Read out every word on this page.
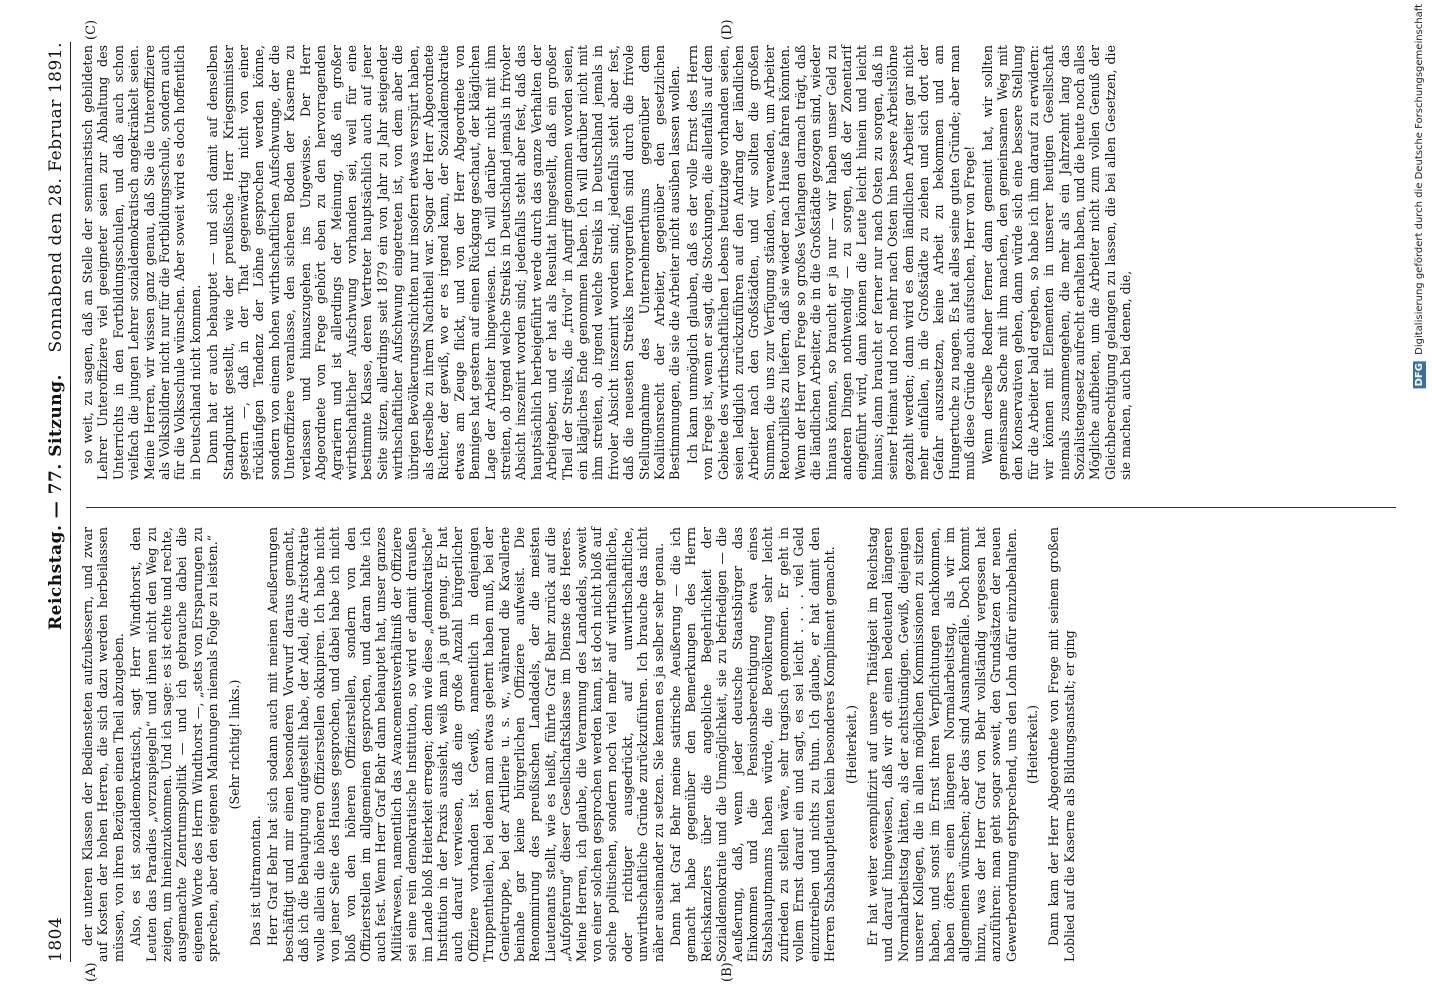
1804
Reichstag. — 77. Sitzung.
Sonnabend den 28. Februar 1891.
(A)	(B)
(C)	(D)

der unteren Klassen der Bediensteten aufzubessern, und zwar auf Kosten der hohen Herren, die sich dazu werden herbeilassen müssen, von ihren Bezügen einen Theil abzugeben. Also, es ist sozialdemokratisch, sagt Herr Windthorst, den Leuten das Paradies „vorzuspiegeln“ und ihnen nicht den Weg zu zeigen, um hineinzukommen. Und ich sage: es ist echte und rechte, ausgemachte Zentrumspolitik — und ich gebrauche dabei die eigenen Worte des Herrn Windthorst —, „stets von Ersparungen zu sprechen, aber den eigenen Mahnungen niemals Folge zu leisten.“ (Sehr richtig! links.)

Das ist ultramontan. Herr Graf Behr hat sich sodann auch mit meinen Aeußerungen beschäftigt und mir einen besonderen Vorwurf daraus gemacht, daß ich die Behauptung aufgestellt habe, der Adel, die Aristokratie wolle allein die höheren Offizierstellen okkupiren. Ich habe nicht von jener Seite des Hauses gesprochen, und dabei habe ich nicht bloß von den höheren Offizierstellen, sondern von den Offizierstellen im allgemeinen gesprochen, und daran halte ich auch fest. Wenn Herr Graf Behr dann behauptet hat, unser ganzes Militärwesen, namentlich das Avancementsverhältniß der Offiziere sei eine rein demokratische Institution, so wird er damit draußen im Lande bloß Heiterkeit erregen; denn wie diese „demokratische“ Institution in der Praxis aussieht, weiß man ja gut genug. Er hat auch darauf verwiesen, daß eine große Anzahl bürgerlicher Offiziere vorhanden ist. Gewiß, namentlich in denjenigen Truppentheilen, bei denen man etwas gelernt haben muß, bei der Genietruppe, bei der Artillerie u. s. w., während die Kavallerie beinahe gar keine bürgerlichen Offiziere aufweist. Die Renommirung des preußischen Landadels, der die meisten Lieutenants stellt, wie es heißt, führte Graf Behr zurück auf die „Aufopferung“ dieser Gesellschaftsklasse im Dienste des Heeres. Meine Herren, ich glaube, die Verarmung des Landadels, soweit von einer solchen gesprochen werden kann, ist doch nicht bloß auf solche politischen, sondern noch viel mehr auf wirthschaftliche, oder richtiger ausgedrückt, auf unwirthschaftliche, unwirthschaftliche Gründe zurückzuführen. Ich brauche das nicht näher auseinander zu setzen. Sie kennen es ja selber sehr genau. Dann hat Graf Behr meine satirische Aeußerung — die ich gemacht habe gegenüber den Bemerkungen des Herrn Reichskanzlers über die angebliche Begehrlichkeit der Sozialdemokratie und die Unmöglichkeit, sie zu befriedigen — die Aeußerung, daß, wenn jeder deutsche Staatsbürger das Einkommen und die Pensionsberechtigung etwa eines Stabshauptmanns haben würde, die Bevölkerung sehr leicht zufrieden zu stellen wäre, sehr tragisch genommen. Er geht in vollem Ernst darauf ein und sagt, es sei leicht . . . . viel Geld einzutreiben und nichts zu thun. Ich glaube, er hat damit den Herren Stabshauptleuten kein besonderes Kompliment gemacht. (Heiterkeit.) Er hat weiter exemplifizirt auf unsere Thätigkeit im Reichstag und darauf hingewiesen, daß wir oft einen bedeutend längeren Normalarbeitstag hätten, als der achtstündigen. Gewiß, diejenigen unserer Kollegen, die in allen möglichen Kommissionen zu sitzen haben, und sonst im Ernst ihren Verpflichtungen nachkommen, haben öfters einen längeren Normalarbeitstag, als wir im allgemeinen wünschen; aber das sind Ausnahmefälle. Doch kommt hinzu, was der Herr Graf von Behr vollständig vergessen hat anzuführen: man geht sogar soweit, den Grundsätzen der neuen Gewerbeordnung entsprechend, uns den Lohn dafür einzubehalten. (Heiterkeit.) Dann kam der Herr Abgeordnete von Frege mit seinem großen Loblied auf die Kaserne als Bildungsanstalt; er ging

so weit, zu sagen, daß an Stelle der seminaristisch gebildeten Lehrer Unteroffiziere viel geeigneter seien zur Abhaltung des Unterrichts in den Fortbildungsschulen, und daß auch schon vielfach die jungen Lehrer sozialdemokratisch angekränkelt seien. Meine Herren, wir wissen ganz genau, daß Sie die Unteroffiziere als Volksbildner nicht nur für die Fortbildungsschule, sondern auch für die Volksschule wünschen. Aber soweit wird es doch hoffentlich in Deutschland nicht kommen. Dann hat er auch behauptet — und sich damit auf denselben Standpunkt gestellt, wie der preußische Herr Kriegsminister gestern —, daß in der That gegenwärtig nicht von einer rückläufigen Tendenz der Löhne gesprochen werden könne, sondern von einem hohen wirthschaftlichen Aufschwunge, der die Unteroffiziere veranlasse, den sicheren Boden der Kaserne zu verlassen und hinauszugehen ins Ungewisse. Der Herr Abgeordnete von Frege gehört eben zu den hervorragenden Agrariern und ist allerdings der Meinung, daß ein großer wirthschaftlicher Aufschwung vorhanden sei, weil für eine bestimmte Klasse, deren Vertreter hauptsächlich auch auf jener Seite sitzen, allerdings seit 1879 ein von Jahr zu Jahr steigender wirthschaftlicher Aufschwung eingetreten ist, von dem aber die übrigen Bevölkerungsschichten nur insofern etwas verspürt haben, als derselbe zu ihrem Nachtheil war. Sogar der Herr Abgeordnete Richter, der gewiß, wo er es irgend kann, der Sozialdemokratie etwas am Zeuge flickt, und von der Herr Abgeordnete von Benniges hat gestern auf einen Rückgang geschaut, der kläglichen Lage der Arbeiter hingewiesen. Ich will darüber nicht mit ihm streiten, ob irgend welche Streiks in Deutschland jemals in frivoler Absicht inszenirt worden sind; jedenfalls steht aber fest, daß das hauptsächlich herbeigeführt werde durch das ganze Verhalten der Arbeitgeber, und er hat als Resultat hingestellt, daß ein großer Theil der Streiks, die „frivol“ in Angriff genommen worden seien, ein klägliches Ende genommen haben. Ich will darüber nicht mit ihm streiten, ob irgend welche Streiks in Deutschland jemals in frivoler Absicht inszenirt worden sind; jedenfalls steht aber fest, daß die neuesten Streiks hervorgerufen sind durch die frivole Stellungnahme des Unternehmerthums gegenüber dem Koalitionsrecht der Arbeiter, gegenüber den gesetzlichen Bestimmungen, die sie die Arbeiter nicht ausüben lassen wollen. Ich kann unmöglich glauben, daß es der volle Ernst des Herrn von Frege ist, wenn er sagt, die Stockungen, die allenfalls auf dem Gebiete des wirthschaftlichen Lebens heutzutage vorhanden seien, seien lediglich zurückzuführen auf den Andrang der ländlichen Arbeiter nach den Großstädten, und wir sollten die großen Summen, die uns zur Verfügung ständen, verwenden, um Arbeiter Retourbillets zu liefern, daß sie wieder nach Hause fahren könnten. Wenn der Herr von Frege so großes Verlangen darnach trägt, daß die ländlichen Arbeiter, die in die Großstädte gezogen sind, wieder hinaus können, so braucht er ja nur — wir haben unser Geld zu anderen Dingen nothwendig — zu sorgen, daß der Zonentarif eingeführt wird, dann können die Leute leicht hinein und leicht hinaus; dann braucht er ferner nur nach Osten zu sorgen, daß in seiner Heimat und noch mehr nach Osten hin bessere Arbeitslöhne gezahlt werden; dann wird es dem ländlichen Arbeiter gar nicht mehr einfallen, in die Großstädte zu ziehen und sich dort der Gefahr auszusetzen, keine Arbeit zu bekommen und am Hungertuche zu nagen. Es hat alles seine guten Gründe; aber man muß diese Gründe auch aufsuchen, Herr von Frege! Wenn derselbe Redner ferner dann gemeint hat, wir sollten gemeinsame Sache mit ihm machen, den gemeinsamen Weg mit den Konservativen gehen, dann würde sich eine bessere Stellung für die Arbeiter bald ergeben, so habe ich ihm darauf zu erwidern: wir können mit Elementen in unserer heutigen Gesellschaft niemals zusammengehen, die mehr als ein Jahrzehnt lang das Sozialistengesetz aufrecht erhalten haben, und die heute noch alles Mögliche aufbieten, um die Arbeiter nicht zum vollen Genuß der Gleichberechtigung gelangen zu lassen, die bei allen Gesetzen, die sie machen, auch bei denen, die,	DFG Digitalisierung gefördert durch die Deutsche Forschungsgemeinschaft
